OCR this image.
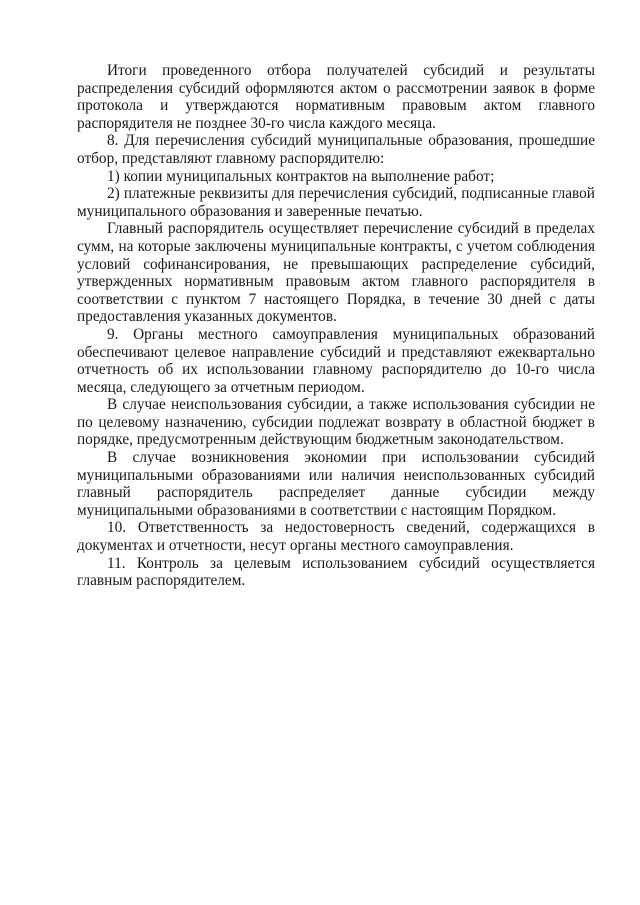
Итоги проведенного отбора получателей субсидий и результаты распределения субсидий оформляются актом о рассмотрении заявок в форме протокола и утверждаются нормативным правовым актом главного распорядителя не позднее 30-го числа каждого месяца.

8. Для перечисления субсидий муниципальные образования, прошедшие отбор, представляют главному распорядителю:

1) копии муниципальных контрактов на выполнение работ;

2) платежные реквизиты для перечисления субсидий, подписанные главой муниципального образования и заверенные печатью.

Главный распорядитель осуществляет перечисление субсидий в пределах сумм, на которые заключены муниципальные контракты, с учетом соблюдения условий софинансирования, не превышающих распределение субсидий, утвержденных нормативным правовым актом главного распорядителя в соответствии с пунктом 7 настоящего Порядка, в течение 30 дней с даты предоставления указанных документов.

9. Органы местного самоуправления муниципальных образований обеспечивают целевое направление субсидий и представляют ежеквартально отчетность об их использовании главному распорядителю до 10-го числа месяца, следующего за отчетным периодом.

В случае неиспользования субсидии, а также использования субсидии не по целевому назначению, субсидии подлежат возврату в областной бюджет в порядке, предусмотренным действующим бюджетным законодательством.

В случае возникновения экономии при использовании субсидий муниципальными образованиями или наличия неиспользованных субсидий главный распорядитель распределяет данные субсидии между муниципальными образованиями в соответствии с настоящим Порядком.

10. Ответственность за недостоверность сведений, содержащихся в документах и отчетности, несут органы местного самоуправления.

11. Контроль за целевым использованием субсидий осуществляется главным распорядителем.
